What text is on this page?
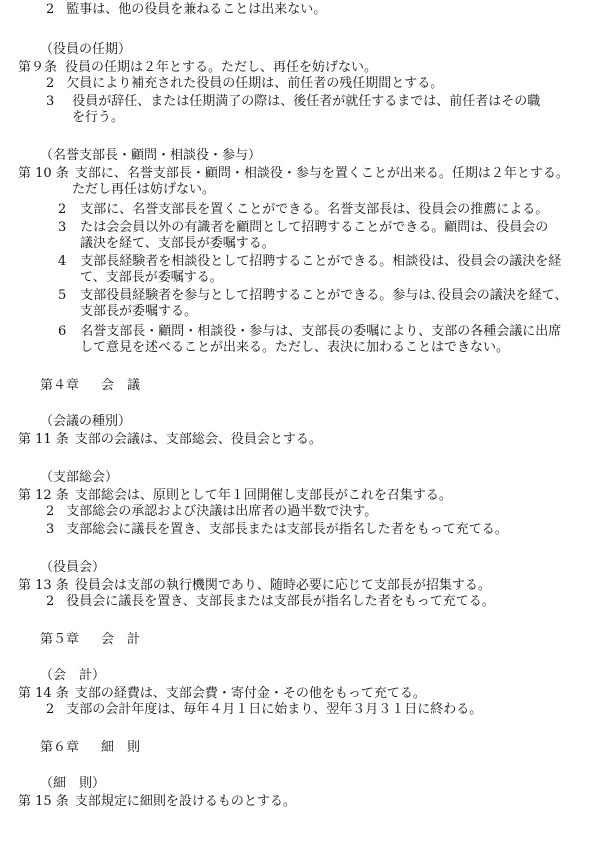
2 監事は、他の役員を兼ねることは出来ない。
（役員の任期）
第９条 役員の任期は２年とする。ただし、再任を妨げない。
2 欠員により補充された役員の任期は、前任者の残任期間とする。
3 役員が辞任、または任期満了の際は、後任者が就任するまでは、前任者はその職
を行う。
（名誉支部長・顧問・相談役・参与）
第 10 条 支部に、名誉支部長・顧問・相談役・参与を置くことが出来る。任期は２年とする。
ただし再任は妨げない。
2 支部に、名誉支部長を置くことができる。名誉支部長は、役員会の推薦による。
3 たは会会員以外の有識者を顧問として招聘することができる。顧問は、役員会の
議決を経て、支部長が委嘱する。
4 支部長経験者を相談役として招聘することができる。相談役は、役員会の議決を経
て、支部長が委嘱する。
5 支部役員経験者を参与として招聘することができる。参与は､役員会の議決を経て、
支部長が委嘱する。
6 名誉支部長・顧問・相談役・参与は、支部長の委嘱により、支部の各種会議に出席
して意見を述べることが出来る。ただし、表決に加わることはできない。
第４章 会　議
（会議の種別）
第 11 条 支部の会議は、支部総会、役員会とする。
（支部総会）
第 12 条 支部総会は、原則として年１回開催し支部長がこれを召集する。
2 支部総会の承認および決議は出席者の過半数で決す。
3 支部総会に議長を置き、支部長または支部長が指名した者をもって充てる。
（役員会）
第 13 条 役員会は支部の執行機関であり、随時必要に応じて支部長が招集する。
2 役員会に議長を置き、支部長または支部長が指名した者をもって充てる。
第５章 会　計
（会　計）
第 14 条 支部の経費は、支部会費・寄付金・その他をもって充てる。
2 支部の会計年度は、毎年４月１日に始まり、翌年３月３１日に終わる。
第６章 細　則
（細　則）
第 15 条 支部規定に細則を設けるものとする。
